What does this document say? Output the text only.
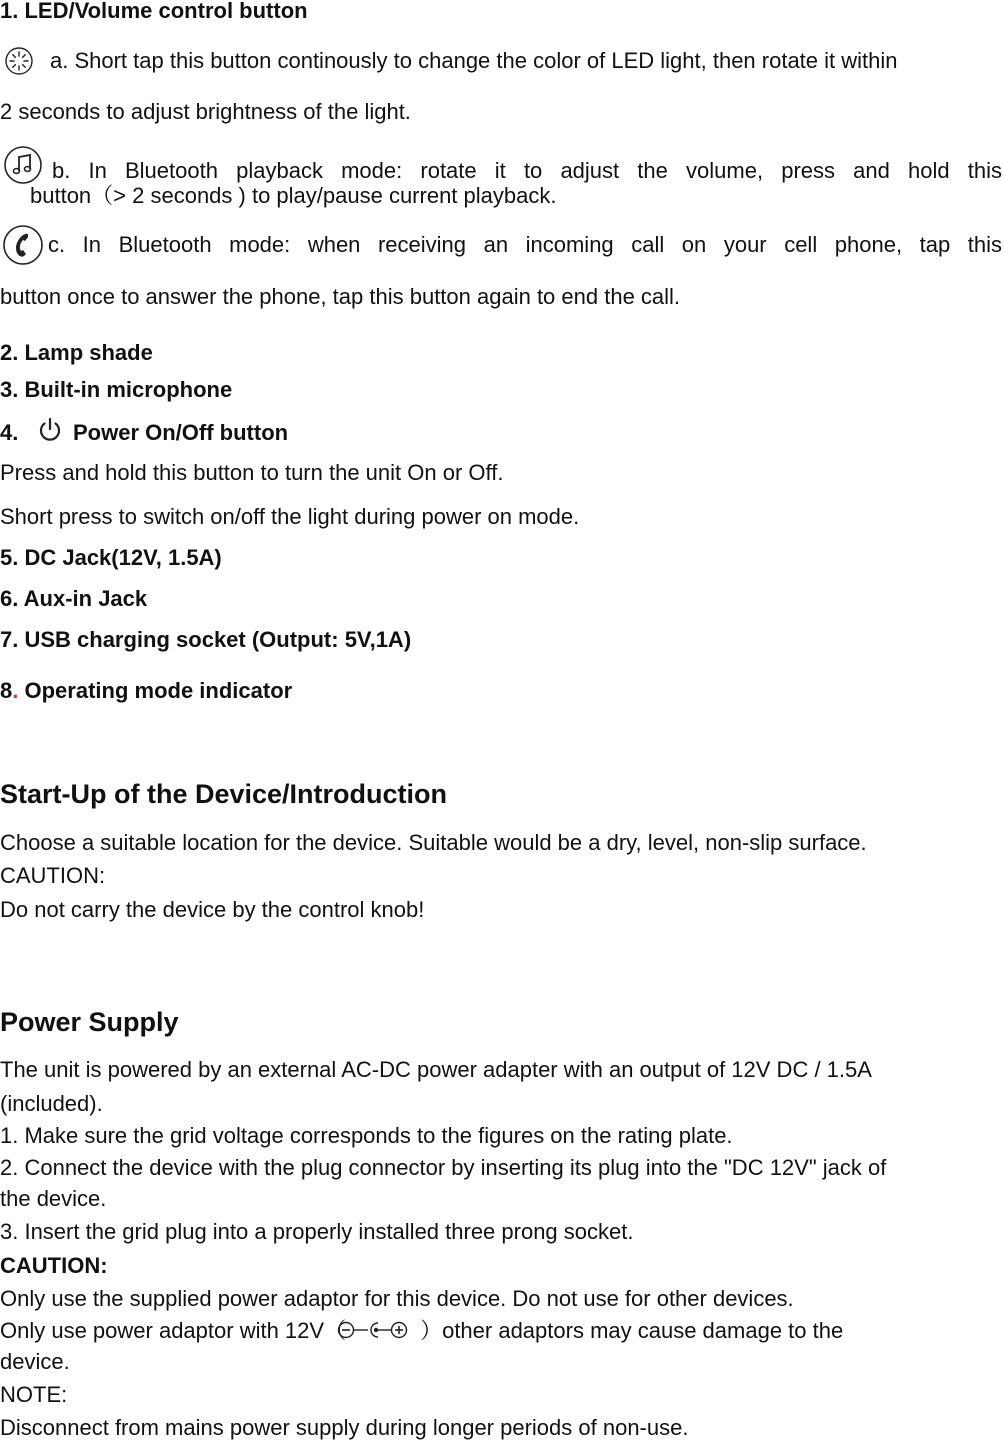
1. LED/Volume control button
a. Short tap this button continously to change the color of LED light, then rotate it within
2 seconds to adjust brightness of the light.
b. In Bluetooth playback mode: rotate it to adjust the volume, press and hold this
button（> 2 seconds ) to play/pause current playback.
c. In Bluetooth mode: when receiving an incoming call on your cell phone, tap this
button once to answer the phone, tap this button again to end the call.
2. Lamp shade
3. Built-in microphone
4. Power On/Off button
Press and hold this button to turn the unit On or Off.
Short press to switch on/off the light during power on mode.
5. DC Jack(12V, 1.5A)
6. Aux-in Jack
7. USB charging socket (Output: 5V,1A)
8. Operating mode indicator
Start-Up of the Device/Introduction
Choose a suitable location for the device. Suitable would be a dry, level, non-slip surface.
CAUTION:
Do not carry the device by the control knob!
Power Supply
The unit is powered by an external AC-DC power adapter with an output of 12V DC / 1.5A
(included).
1. Make sure the grid voltage corresponds to the figures on the rating plate.
2. Connect the device with the plug connector by inserting its plug into the "DC 12V" jack of
the device.
3. Insert the grid plug into a properly installed three prong socket.
CAUTION:
Only use the supplied power adaptor for this device. Do not use for other devices.
Only use power adaptor with 12V（	）other adaptors may cause damage to the
device.
NOTE:
Disconnect from mains power supply during longer periods of non-use.
